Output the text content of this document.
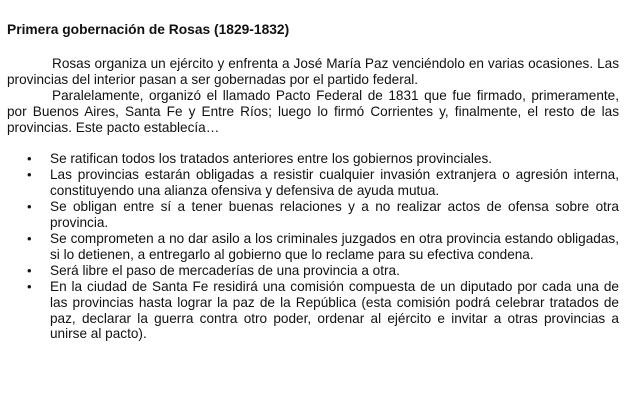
Primera gobernación de Rosas (1829-1832)

Rosas organiza un ejército y enfrenta a José María Paz venciéndolo en varias ocasiones. Las provincias del interior pasan a ser gobernadas por el partido federal.

Paralelamente, organizó el llamado Pacto Federal de 1831 que fue firmado, primeramente, por Buenos Aires, Santa Fe y Entre Ríos; luego lo firmó Corrientes y, finalmente, el resto de las provincias. Este pacto establecía…

• Se ratifican todos los tratados anteriores entre los gobiernos provinciales.
• Las provincias estarán obligadas a resistir cualquier invasión extranjera o agresión interna, constituyendo una alianza ofensiva y defensiva de ayuda mutua.
• Se obligan entre sí a tener buenas relaciones y a no realizar actos de ofensa sobre otra provincia.
• Se comprometen a no dar asilo a los criminales juzgados en otra provincia estando obligadas, si lo detienen, a entregarlo al gobierno que lo reclame para su efectiva condena.
• Será libre el paso de mercaderías de una provincia a otra.
• En la ciudad de Santa Fe residirá una comisión compuesta de un diputado por cada una de las provincias hasta lograr la paz de la República (esta comisión podrá celebrar tratados de paz, declarar la guerra contra otro poder, ordenar al ejército e invitar a otras provincias a unirse al pacto).
